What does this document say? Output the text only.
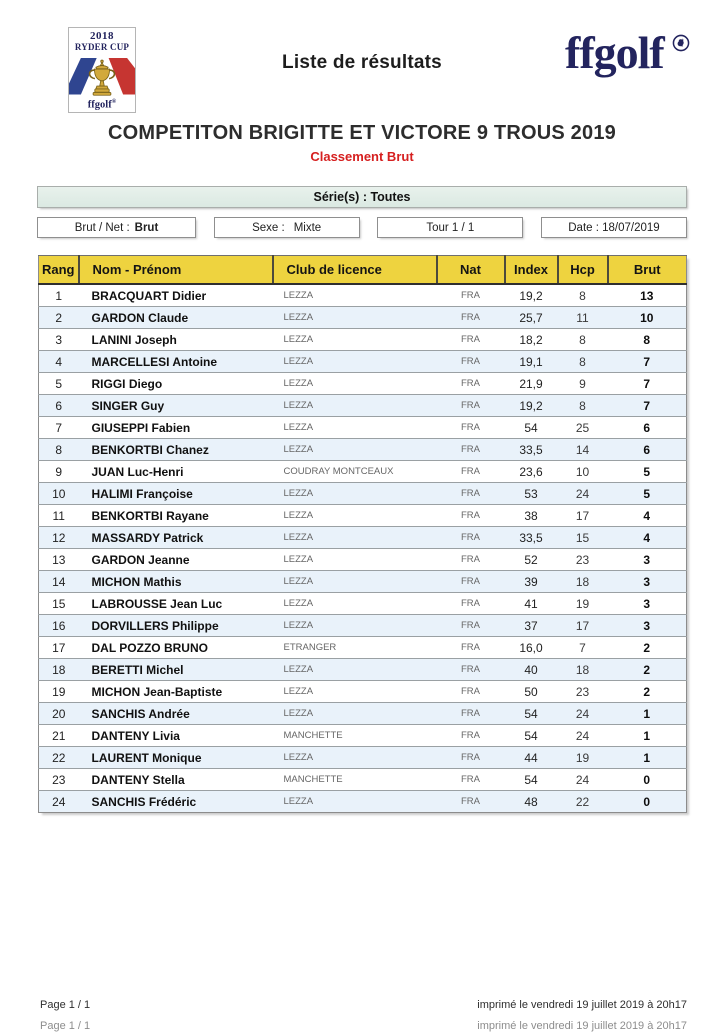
2018
RYDER CUP
ffgolf®
Liste de résultats	ffgolf
COMPETITON BRIGITTE ET VICTORE 9 TROUS 2019
Classement Brut
Série(s) : Toutes
Brut / Net : Brut	Sexe : Mixte	Tour 1 / 1	Date : 18/07/2019
Rang	Nom - Prénom	Club de licence	Nat	Index	Hcp	Brut
1	BRACQUART Didier	LEZZA	FRA	19,2	8	13
2	GARDON Claude	LEZZA	FRA	25,7	11	10
3	LANINI Joseph	LEZZA	FRA	18,2	8	8
4	MARCELLESI Antoine	LEZZA	FRA	19,1	8	7
5	RIGGI Diego	LEZZA	FRA	21,9	9	7
6	SINGER Guy	LEZZA	FRA	19,2	8	7
7	GIUSEPPI Fabien	LEZZA	FRA	54	25	6
8	BENKORTBI Chanez	LEZZA	FRA	33,5	14	6
9	JUAN Luc-Henri	COUDRAY MONTCEAUX	FRA	23,6	10	5
10	HALIMI Françoise	LEZZA	FRA	53	24	5
11	BENKORTBI Rayane	LEZZA	FRA	38	17	4
12	MASSARDY Patrick	LEZZA	FRA	33,5	15	4
13	GARDON Jeanne	LEZZA	FRA	52	23	3
14	MICHON Mathis	LEZZA	FRA	39	18	3
15	LABROUSSE Jean Luc	LEZZA	FRA	41	19	3
16	DORVILLERS Philippe	LEZZA	FRA	37	17	3
17	DAL POZZO BRUNO	ETRANGER	FRA	16,0	7	2
18	BERETTI Michel	LEZZA	FRA	40	18	2
19	MICHON Jean-Baptiste	LEZZA	FRA	50	23	2
20	SANCHIS Andrée	LEZZA	FRA	54	24	1
21	DANTENY Livia	MANCHETTE	FRA	54	24	1
22	LAURENT Monique	LEZZA	FRA	44	19	1
23	DANTENY Stella	MANCHETTE	FRA	54	24	0
24	SANCHIS Frédéric	LEZZA	FRA	48	22	0
Page 1 / 1	imprimé le vendredi 19 juillet 2019 à 20h17
Page 1 / 1	imprimé le vendredi 19 juillet 2019 à 20h17
